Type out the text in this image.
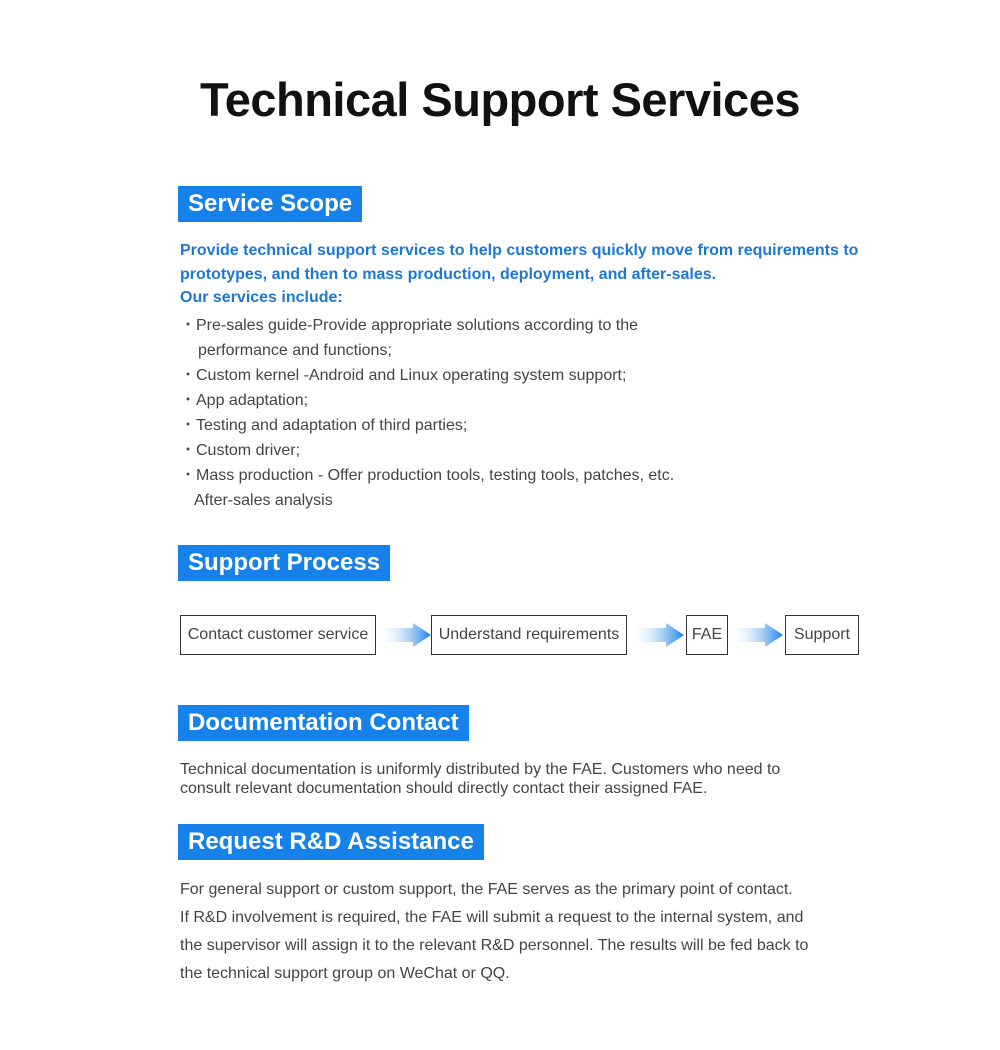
Technical Support Services
Service Scope

Provide technical support services to help customers quickly move from requirements to
prototypes, and then to mass production, deployment, and after-sales.
Our services include:

・ Pre-sales guide-Provide appropriate solutions according to the
performance and functions;
・ Custom kernel -Android and Linux operating system support;
・ App adaptation;
・ Testing and adaptation of third parties;
・ Custom driver;
・ Mass production - Offer production tools, testing tools, patches, etc.
After-sales analysis
Support Process
Contact customer service	Understand requirements	FAE	Support
Documentation Contact

Technical documentation is uniformly distributed by the FAE. Customers who need to
consult relevant documentation should directly contact their assigned FAE.

Request R&D Assistance

For general support or custom support, the FAE serves as the primary point of contact.
If R&D involvement is required, the FAE will submit a request to the internal system, and
the supervisor will assign it to the relevant R&D personnel. The results will be fed back to
the technical support group on WeChat or QQ.
